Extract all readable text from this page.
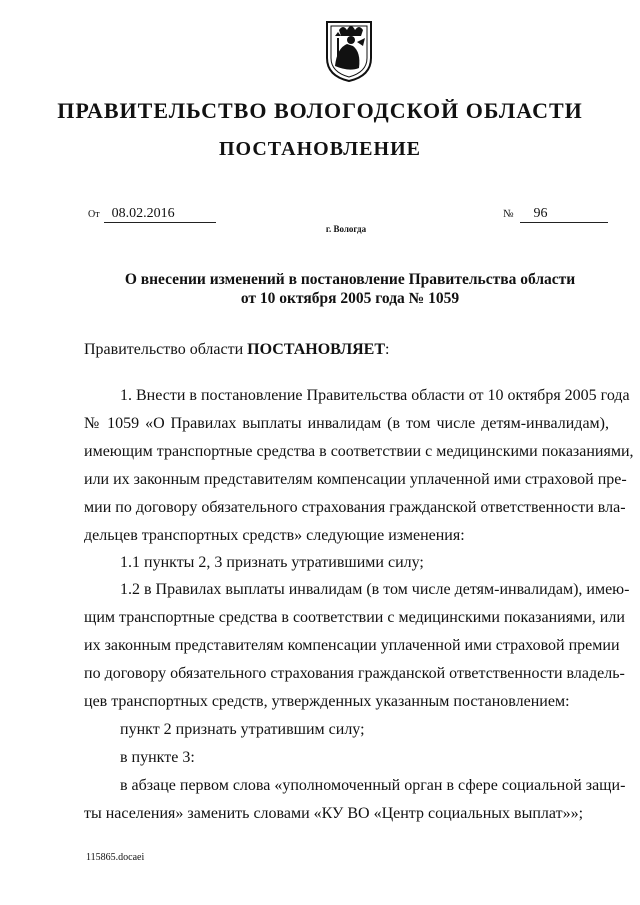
ПРАВИТЕЛЬСТВО ВОЛОГОДСКОЙ ОБЛАСТИ
ПОСТАНОВЛЕНИЕ
От 08.02.2016	№ 96
г. Вологда
О внесении изменений в постановление Правительства области
от 10 октября 2005 года № 1059
Правительство области ПОСТАНОВЛЯЕТ:
1. Внести в постановление Правительства области от 10 октября 2005 года
№ 1059 «О Правилах выплаты инвалидам (в том числе детям-инвалидам),
имеющим транспортные средства в соответствии с медицинскими показаниями,
или их законным представителям компенсации уплаченной ими страховой пре-
мии по договору обязательного страхования гражданской ответственности вла-
дельцев транспортных средств» следующие изменения:
1.1 пункты 2, 3 признать утратившими силу;
1.2 в Правилах выплаты инвалидам (в том числе детям-инвалидам), имею-
щим транспортные средства в соответствии с медицинскими показаниями, или
их законным представителям компенсации уплаченной ими страховой премии
по договору обязательного страхования гражданской ответственности владель-
цев транспортных средств, утвержденных указанным постановлением:
пункт 2 признать утратившим силу;
в пункте 3:
в абзаце первом слова «уполномоченный орган в сфере социальной защи-
ты населения» заменить словами «КУ ВО «Центр социальных выплат»»;
115865.docaei
